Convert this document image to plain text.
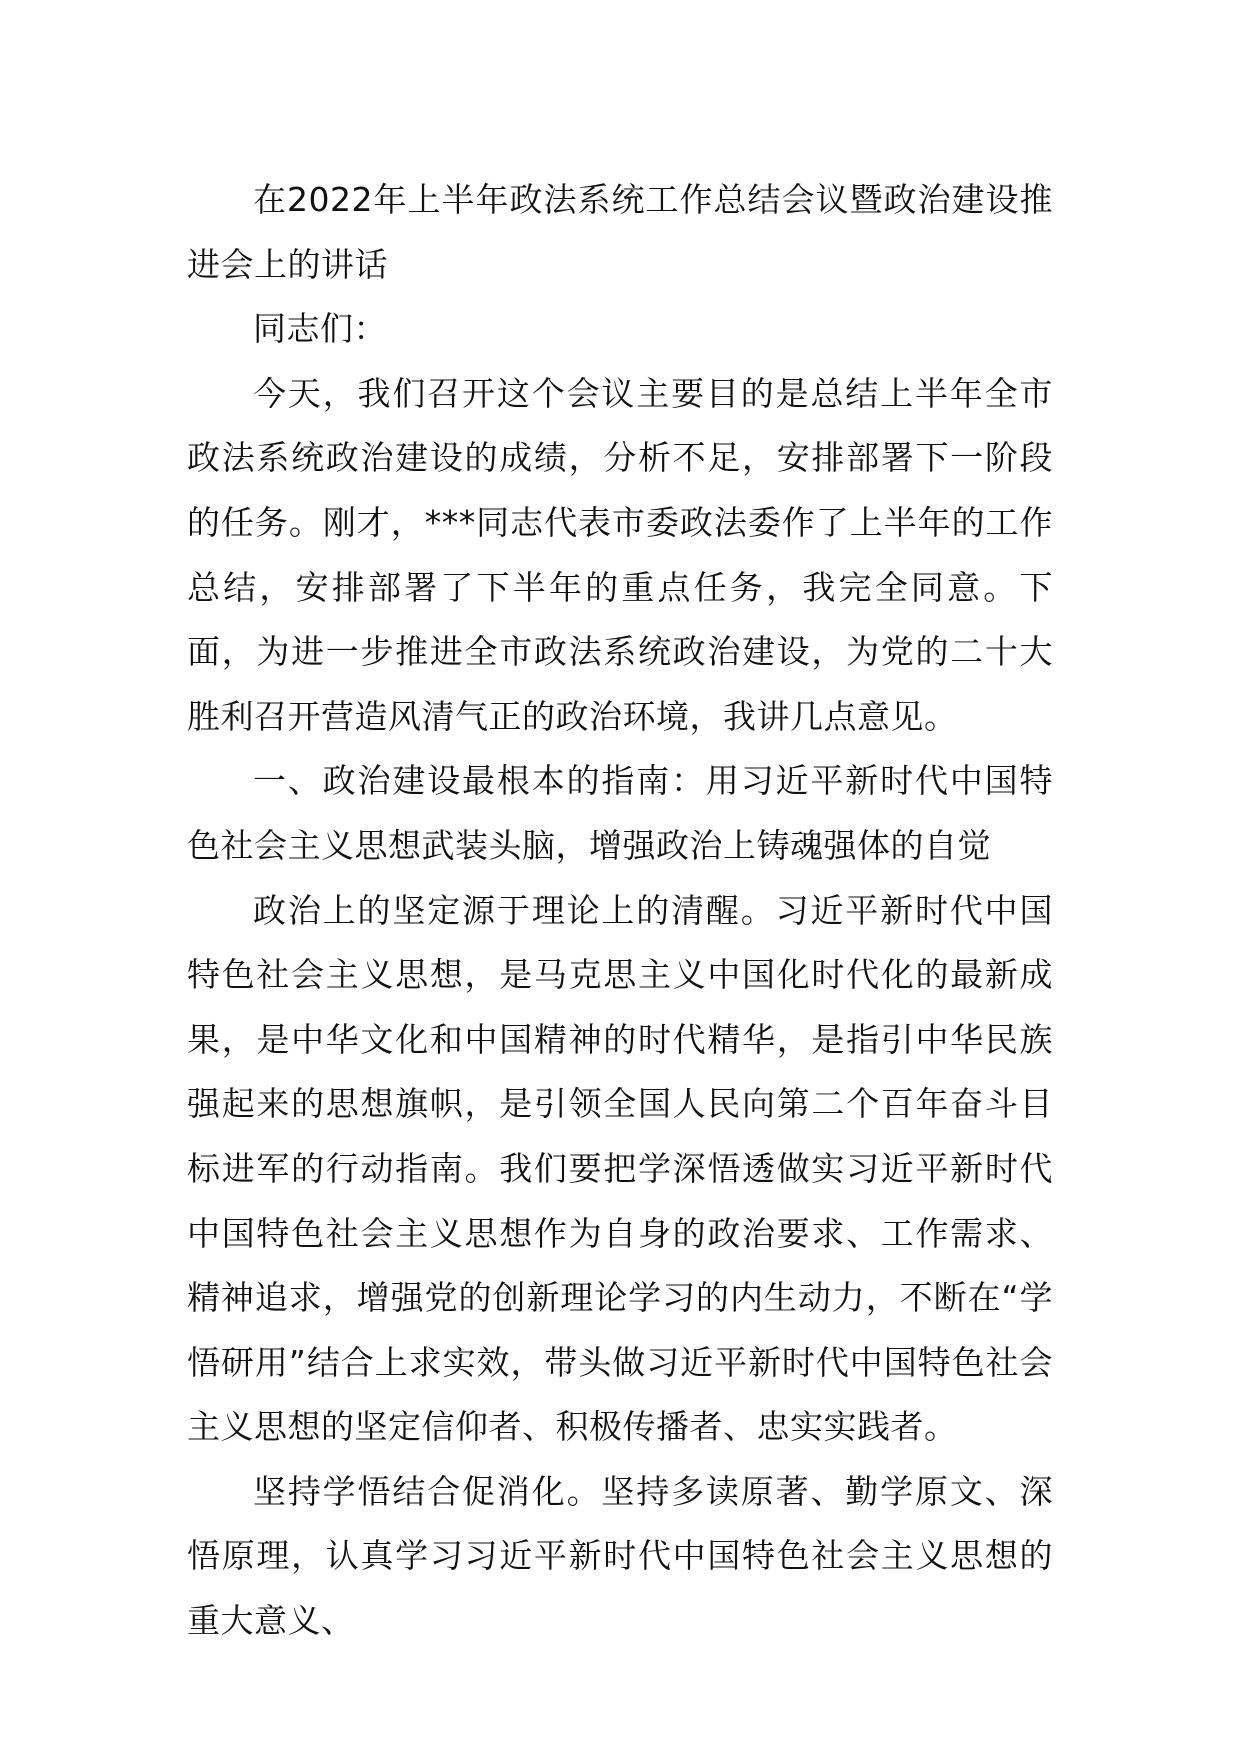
在2022年上半年政法系统工作总结会议暨政治建设推进会上的讲话

同志们：

今天，我们召开这个会议主要目的是总结上半年全市政法系统政治建设的成绩，分析不足，安排部署下一阶段的任务。刚才，***同志代表市委政法委作了上半年的工作总结，安排部署了下半年的重点任务，我完全同意。下面，为进一步推进全市政法系统政治建设，为党的二十大胜利召开营造风清气正的政治环境，我讲几点意见。

一、政治建设最根本的指南：用习近平新时代中国特色社会主义思想武装头脑，增强政治上铸魂强体的自觉

政治上的坚定源于理论上的清醒。习近平新时代中国特色社会主义思想，是马克思主义中国化时代化的最新成果，是中华文化和中国精神的时代精华，是指引中华民族强起来的思想旗帜，是引领全国人民向第二个百年奋斗目标进军的行动指南。我们要把学深悟透做实习近平新时代中国特色社会主义思想作为自身的政治要求、工作需求、精神追求，增强党的创新理论学习的内生动力，不断在“学悟研用”结合上求实效，带头做习近平新时代中国特色社会主义思想的坚定信仰者、积极传播者、忠实实践者。

坚持学悟结合促消化。坚持多读原著、勤学原文、深悟原理，认真学习习近平新时代中国特色社会主义思想的重大意义、
